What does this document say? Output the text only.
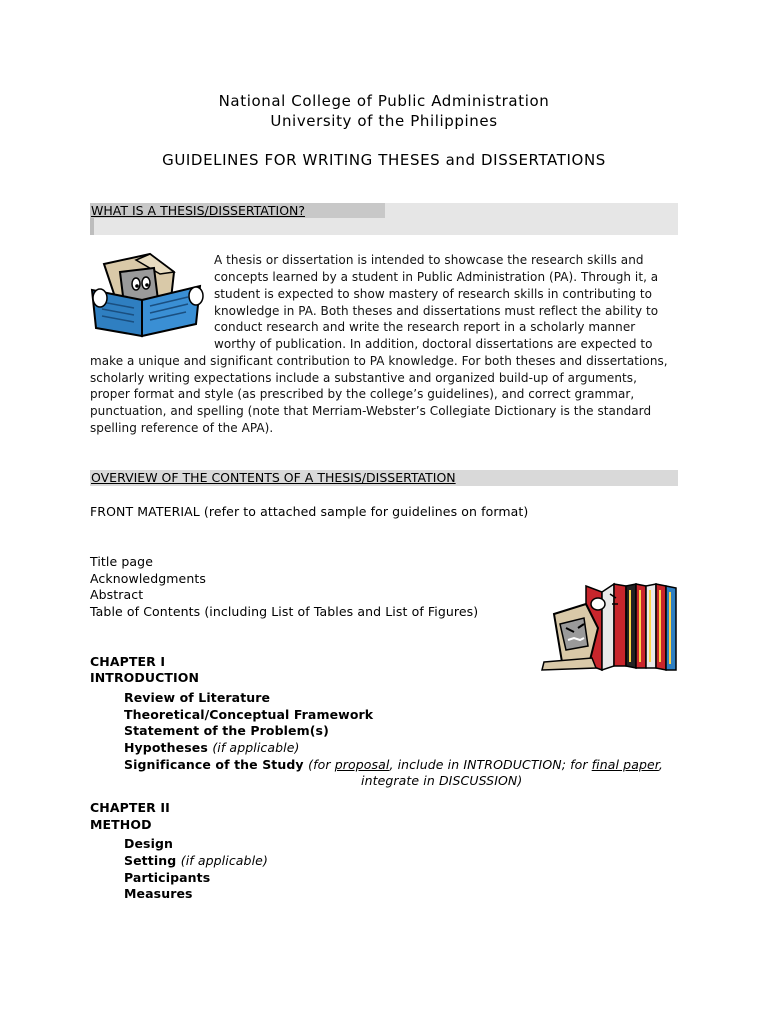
National College of Public Administration
University of the Philippines
GUIDELINES FOR WRITING THESES and DISSERTATIONS
WHAT IS A THESIS/DISSERTATION?
A thesis or dissertation is intended to showcase the research skills and
concepts learned by a student in Public Administration (PA). Through it, a
student is expected to show mastery of research skills in contributing to
knowledge in PA. Both theses and dissertations must reflect the ability to
conduct research and write the research report in a scholarly manner
worthy of publication. In addition, doctoral dissertations are expected to
make a unique and significant contribution to PA knowledge. For both theses and dissertations,
scholarly writing expectations include a substantive and organized build-up of arguments,
proper format and style (as prescribed by the college’s guidelines), and correct grammar,
punctuation, and spelling (note that Merriam-Webster’s Collegiate Dictionary is the standard
spelling reference of the APA).
OVERVIEW OF THE CONTENTS OF A THESIS/DISSERTATION
FRONT MATERIAL (refer to attached sample for guidelines on format)
Title page
Acknowledgments
Abstract
Table of Contents (including List of Tables and List of Figures)
CHAPTER I
INTRODUCTION
Review of Literature
Theoretical/Conceptual Framework
Statement of the Problem(s)
Hypotheses (if applicable)
Significance of the Study (for proposal, include in INTRODUCTION; for final paper,
integrate in DISCUSSION)
CHAPTER II
METHOD
Design
Setting (if applicable)
Participants
Measures
